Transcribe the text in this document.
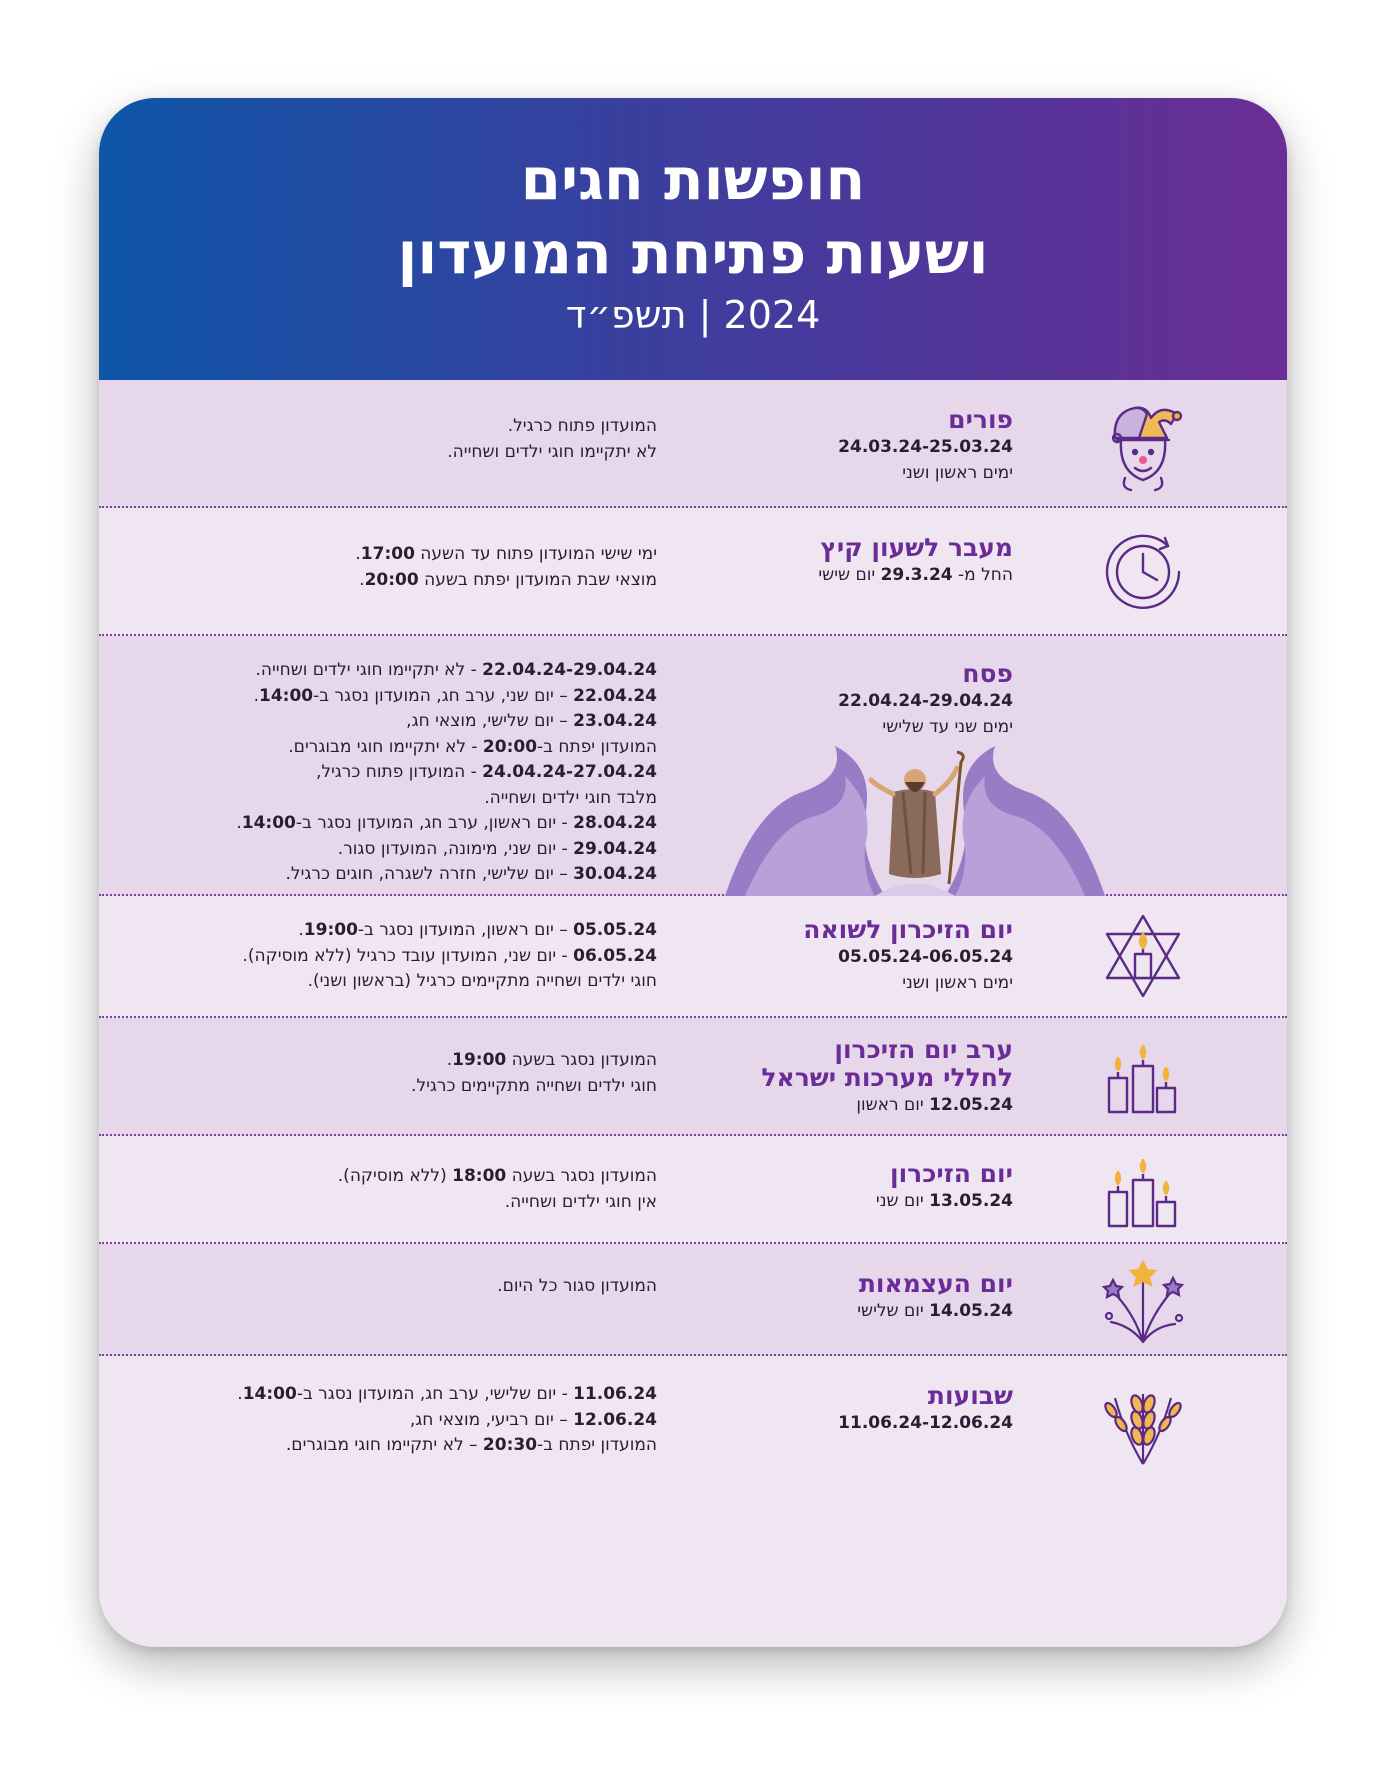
חופשות חגים
ושעות פתיחת המועדון
2024 | תשפ״ד
פורים
24.03.24-25.03.24
ימים ראשון ושני
המועדון פתוח כרגיל.
לא יתקיימו חוגי ילדים ושחייה.
מעבר לשעון קיץ
החל מ- 29.3.24 יום שישי
ימי שישי המועדון פתוח עד השעה 17:00.
מוצאי שבת המועדון יפתח בשעה 20:00.
פסח
22.04.24-29.04.24
ימים שני עד שלישי
22.04.24-29.04.24 - לא יתקיימו חוגי ילדים ושחייה.
22.04.24 – יום שני, ערב חג, המועדון נסגר ב-14:00.
23.04.24 – יום שלישי, מוצאי חג,
המועדון יפתח ב-20:00 - לא יתקיימו חוגי מבוגרים.
24.04.24-27.04.24 - המועדון פתוח כרגיל,
מלבד חוגי ילדים ושחייה.
28.04.24 - יום ראשון, ערב חג, המועדון נסגר ב-14:00.
29.04.24 - יום שני, מימונה, המועדון סגור.
30.04.24 – יום שלישי, חזרה לשגרה, חוגים כרגיל.
יום הזיכרון לשואה
05.05.24-06.05.24
ימים ראשון ושני
05.05.24 – יום ראשון, המועדון נסגר ב-19:00.
06.05.24 - יום שני, המועדון עובד כרגיל (ללא מוסיקה).
חוגי ילדים ושחייה מתקיימים כרגיל (בראשון ושני).
ערב יום הזיכרון
לחללי מערכות ישראל
12.05.24 יום ראשון
המועדון נסגר בשעה 19:00.
חוגי ילדים ושחייה מתקיימים כרגיל.
יום הזיכרון
13.05.24 יום שני
המועדון נסגר בשעה 18:00 (ללא מוסיקה).
אין חוגי ילדים ושחייה.
יום העצמאות
14.05.24 יום שלישי
המועדון סגור כל היום.
שבועות
11.06.24-12.06.24
11.06.24 - יום שלישי, ערב חג, המועדון נסגר ב-14:00.
12.06.24 – יום רביעי, מוצאי חג,
המועדון יפתח ב-20:30 – לא יתקיימו חוגי מבוגרים.
